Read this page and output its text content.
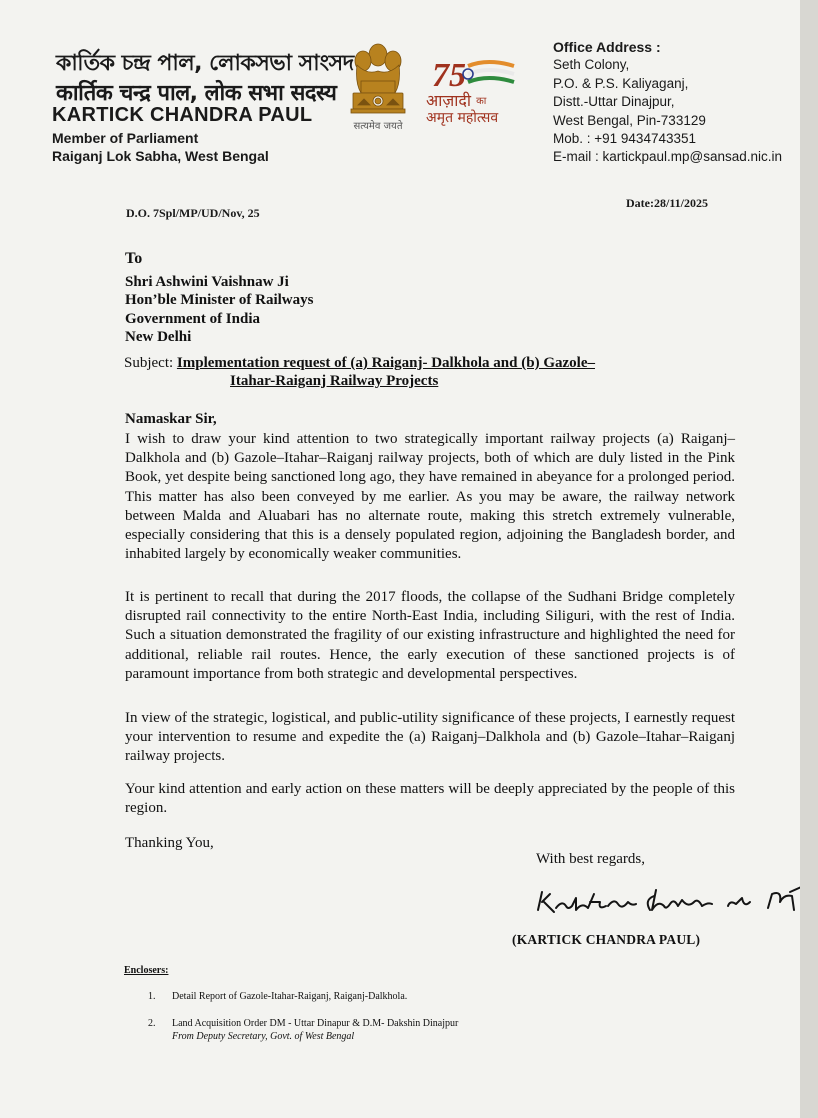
কার্তিক চন্দ্র পাল, লোকসভা সাংসদ
कार्तिक चन्द्र पाल, लोक सभा सदस्य
KARTICK CHANDRA PAUL
Member of Parliament
Raiganj Lok Sabha, West Bengal
सत्यमेव जयते
75
आज़ादी का
अमृत महोत्सव
Office Address :
Seth Colony,
P.O. & P.S. Kaliyaganj,
Distt.-Uttar Dinajpur,
West Bengal, Pin-733129
Mob. : +91 9434743351
E-mail : kartickpaul.mp@sansad.nic.in
D.O. 7Spl/MP/UD/Nov, 25
Date:28/11/2025
To
Shri Ashwini Vaishnaw Ji
Hon’ble Minister of Railways
Government of India
New Delhi
Subject: Implementation request of (a) Raiganj- Dalkhola and (b) Gazole–
Itahar-Raiganj Railway Projects
Namaskar Sir,
I wish to draw your kind attention to two strategically important railway projects (a) Raiganj–Dalkhola and (b) Gazole–Itahar–Raiganj railway projects, both of which are duly listed in the Pink Book, yet despite being sanctioned long ago, they have remained in abeyance for a prolonged period. This matter has also been conveyed by me earlier. As you may be aware, the railway network between Malda and Aluabari has no alternate route, making this stretch extremely vulnerable, especially considering that this is a densely populated region, adjoining the Bangladesh border, and inhabited largely by economically weaker communities.
It is pertinent to recall that during the 2017 floods, the collapse of the Sudhani Bridge completely disrupted rail connectivity to the entire North-East India, including Siliguri, with the rest of India. Such a situation demonstrated the fragility of our existing infrastructure and highlighted the need for additional, reliable rail routes. Hence, the early execution of these sanctioned projects is of paramount importance from both strategic and developmental perspectives.
In view of the strategic, logistical, and public-utility significance of these projects, I earnestly request your intervention to resume and expedite the (a) Raiganj–Dalkhola and (b) Gazole–Itahar–Raiganj railway projects.
Your kind attention and early action on these matters will be deeply appreciated by the people of this region.
Thanking You,
With best regards,
(KARTICK CHANDRA PAUL)
Enclosers:
1. Detail Report of Gazole-Itahar-Raiganj, Raiganj-Dalkhola.
2. Land Acquisition Order DM - Uttar Dinapur & D.M- Dakshin Dinajpur
From Deputy Secretary, Govt. of West Bengal
